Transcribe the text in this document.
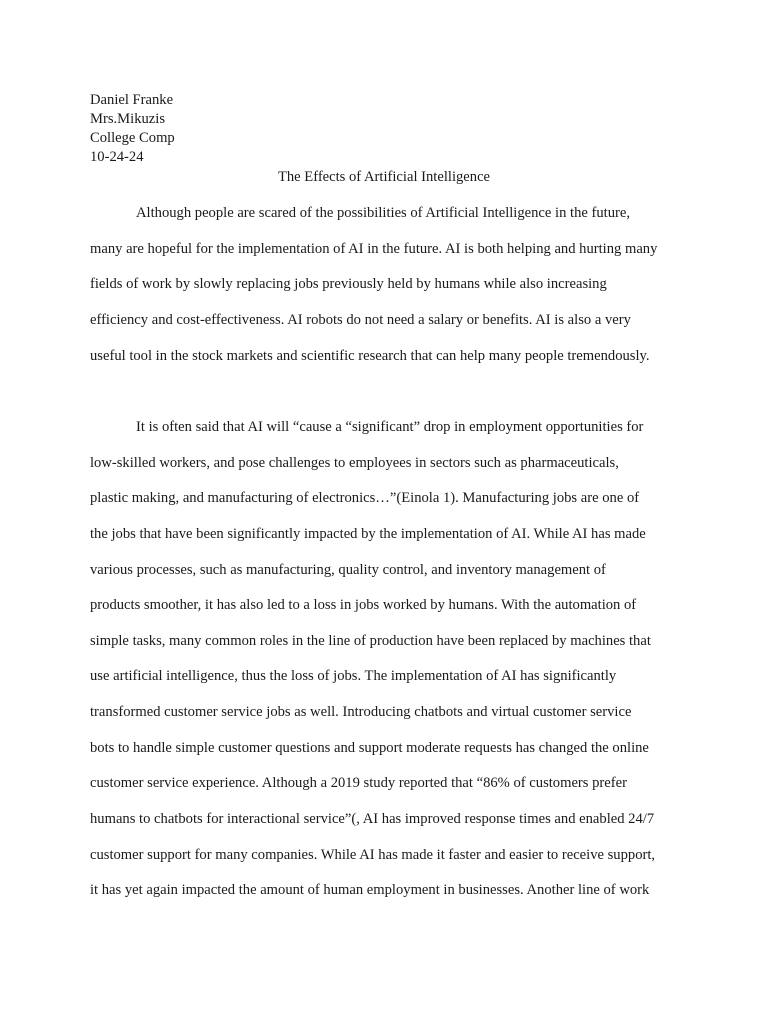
Daniel Franke
Mrs.Mikuzis
College Comp
10-24-24
The Effects of Artificial Intelligence
Although people are scared of the possibilities of Artificial Intelligence in the future,
many are hopeful for the implementation of AI in the future. AI is both helping and hurting many
fields of work by slowly replacing jobs previously held by humans while also increasing
efficiency and cost-effectiveness. AI robots do not need a salary or benefits. AI is also a very
useful tool in the stock markets and scientific research that can help many people tremendously.
It is often said that AI will “cause a “significant” drop in employment opportunities for
low-skilled workers, and pose challenges to employees in sectors such as pharmaceuticals,
plastic making, and manufacturing of electronics…”(Einola 1). Manufacturing jobs are one of
the jobs that have been significantly impacted by the implementation of AI. While AI has made
various processes, such as manufacturing, quality control, and inventory management of
products smoother, it has also led to a loss in jobs worked by humans. With the automation of
simple tasks, many common roles in the line of production have been replaced by machines that
use artificial intelligence, thus the loss of jobs. The implementation of AI has significantly
transformed customer service jobs as well. Introducing chatbots and virtual customer service
bots to handle simple customer questions and support moderate requests has changed the online
customer service experience. Although a 2019 study reported that “86% of customers prefer
humans to chatbots for interactional service”(, AI has improved response times and enabled 24/7
customer support for many companies. While AI has made it faster and easier to receive support,
it has yet again impacted the amount of human employment in businesses. Another line of work
